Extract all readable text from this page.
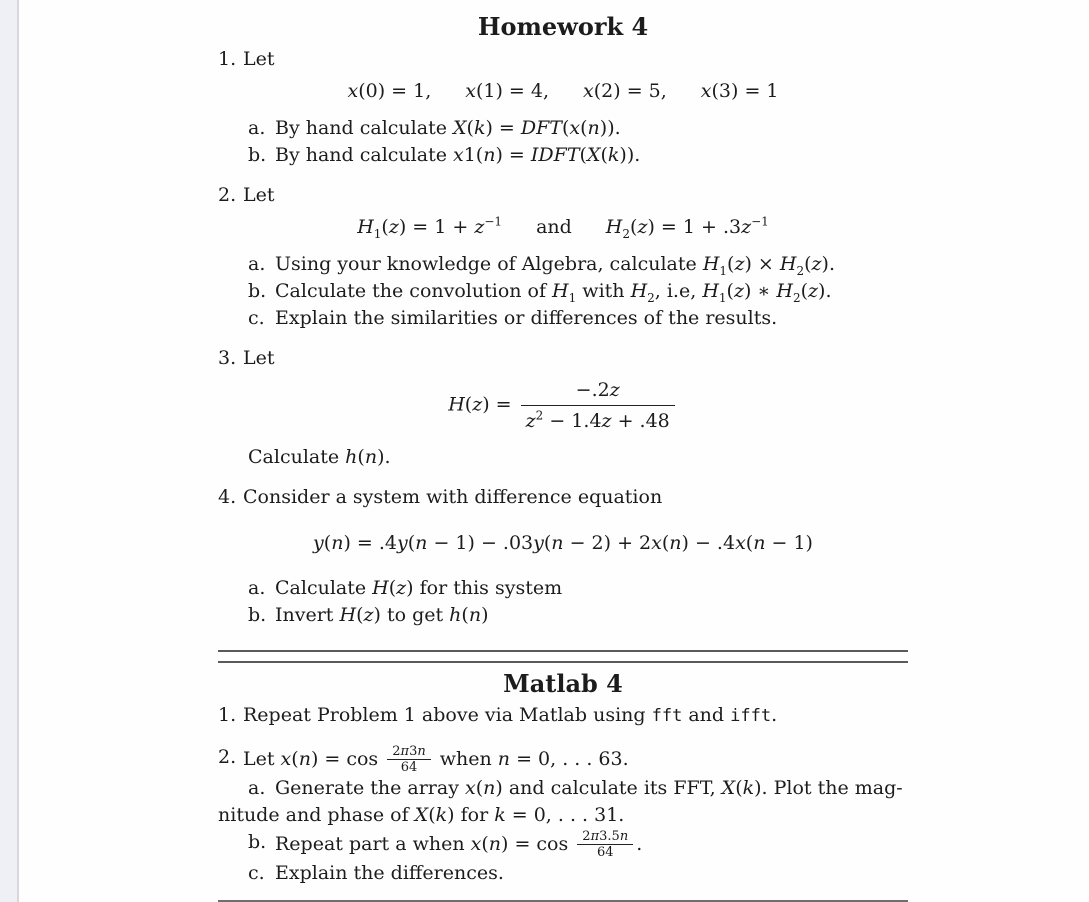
Homework 4
1. Let
x(0) = 1, x(1) = 4, x(2) = 5, x(3) = 1
a. By hand calculate X(k) = DFT(x(n)).
b. By hand calculate x1(n) = IDFT(X(k)).
2. Let
$H_1(z) = 1 + z^{-1}$ and $H_2(z) = 1 + .3z^{-1}$
a. Using your knowledge of Algebra, calculate $H_1(z) \times H_2(z)$.
b. Calculate the convolution of $H_1$ with $H_2$, i.e, $H_1(z)$ ∗ $H_2(z)$.
c. Explain the similarities or differences of the results.
3. Let
$H(z) = \frac{-.2z}{z^2 - 1.4z + .48}$
Calculate h(n).
4. Consider a system with difference equation
y(n) = .4y(n − 1) − .03y(n − 2) + 2x(n) − .4x(n − 1)
a. Calculate H(z) for this system
b. Invert H(z) to get h(n)
Matlab 4
1. Repeat Problem 1 above via Matlab using fft and ifft.
2. Let $x(n) = \cos \frac{2\pi 3n}{64}$ when n = 0, . . . 63.
a. Generate the array x(n) and calculate its FFT, X(k). Plot the mag-
nitude and phase of X(k) for k = 0, . . . 31.
b. Repeat part a when $x(n) = \cos \frac{2\pi 3.5n}{64}$ .
c. Explain the differences.
